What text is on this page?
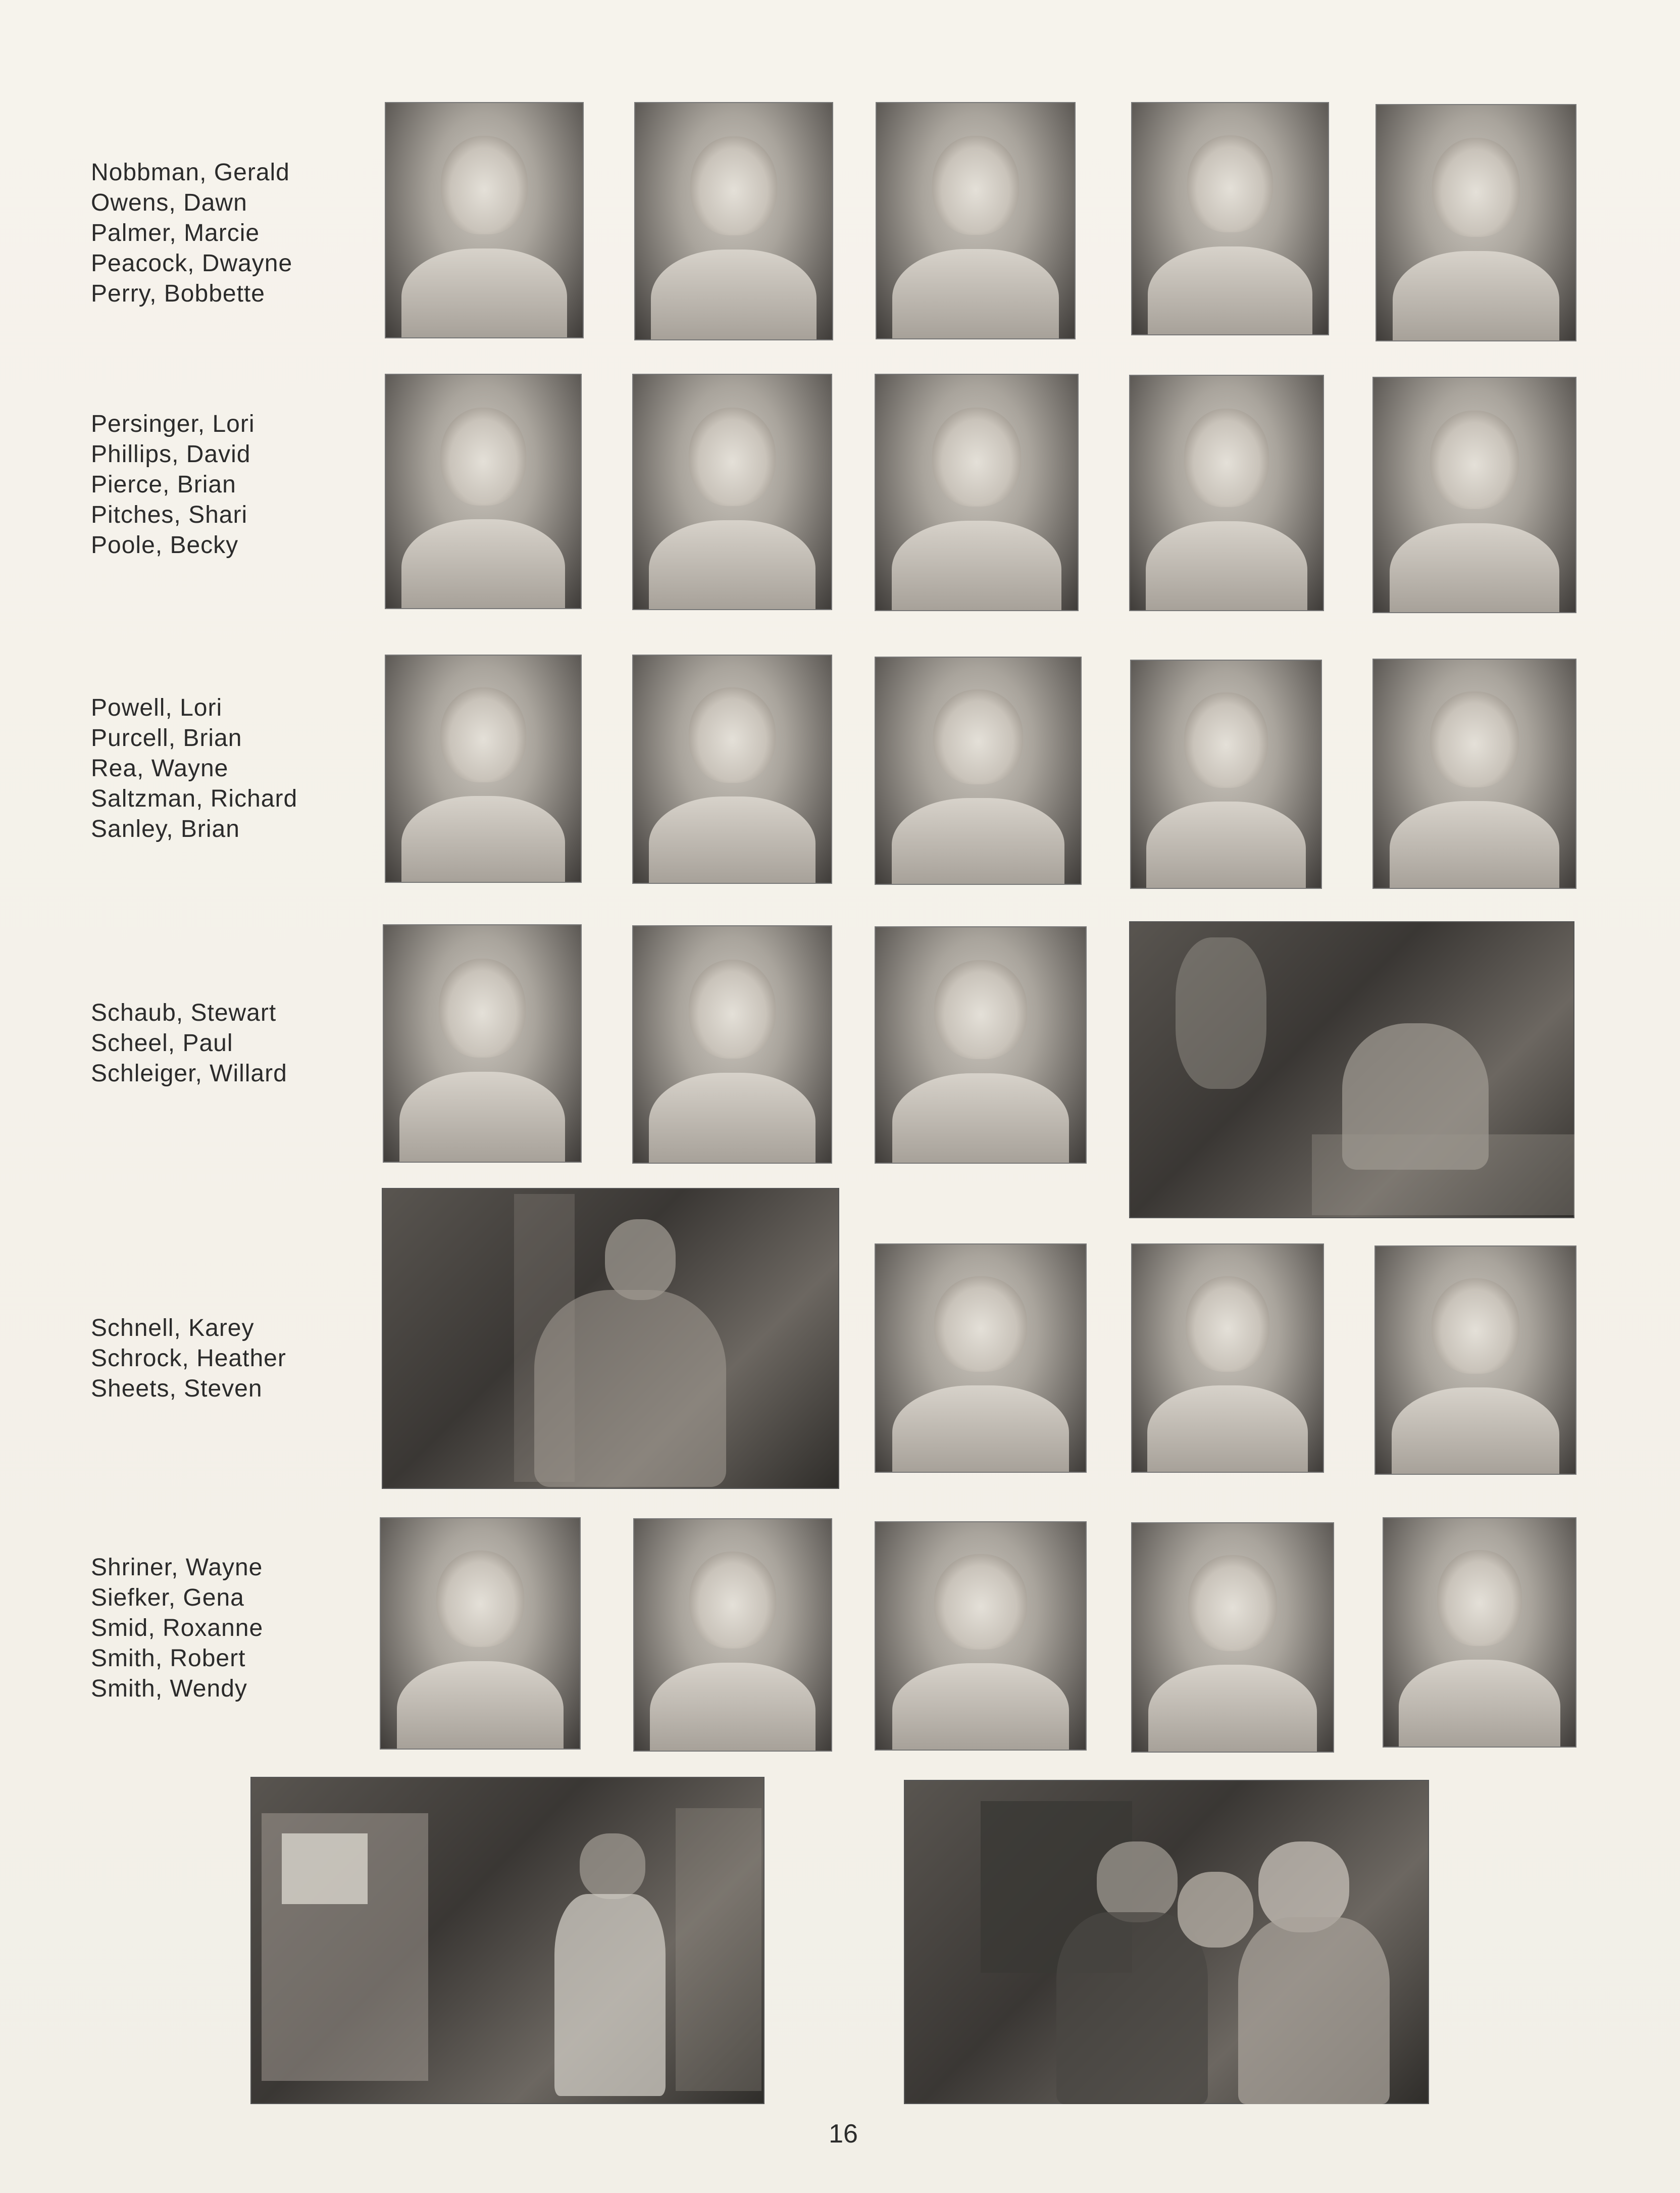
Nobbman, Gerald
Owens, Dawn
Palmer, Marcie
Peacock, Dwayne
Perry, Bobbette
Persinger, Lori
Phillips, David
Pierce, Brian
Pitches, Shari
Poole, Becky
Powell, Lori
Purcell, Brian
Rea, Wayne
Saltzman, Richard
Sanley, Brian
Schaub, Stewart
Scheel, Paul
Schleiger, Willard
Schnell, Karey
Schrock, Heather
Sheets, Steven
Shriner, Wayne
Siefker, Gena
Smid, Roxanne
Smith, Robert
Smith, Wendy
16
